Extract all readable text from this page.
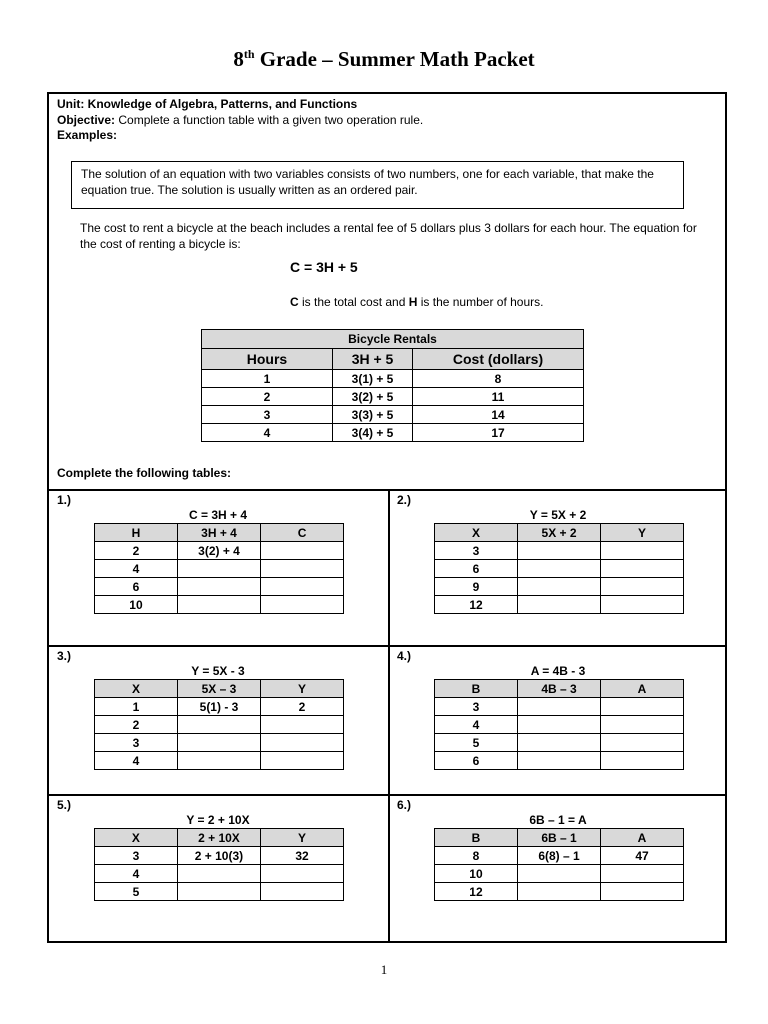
8th Grade – Summer Math Packet
Unit: Knowledge of Algebra, Patterns, and Functions
Objective: Complete a function table with a given two operation rule.
Examples:
The solution of an equation with two variables consists of two numbers, one for each variable, that make the equation true. The solution is usually written as an ordered pair.
The cost to rent a bicycle at the beach includes a rental fee of 5 dollars plus 3 dollars for each hour. The equation for the cost of renting a bicycle is:
C = 3H + 5
C is the total cost and H is the number of hours.
Bicycle Rentals		
Hours	3H + 5	Cost (dollars)
1	3(1) + 5	8
2	3(2) + 5	11
3	3(3) + 5	14
4	3(4) + 5	17
Complete the following tables:
1.)
C = 3H + 4
H	3H + 4	C
2	3(2) + 4	
4		
6		
10		
2.)
Y = 5X + 2
X	5X + 2	Y
3		
6		
9		
12		
3.)
Y = 5X - 3
X	5X – 3	Y
1	5(1) - 3	2
2		
3		
4		
4.)
A = 4B - 3
B	4B – 3	A
3		
4		
5		
6		
5.)
Y = 2 + 10X
X	2 + 10X	Y
3	2 + 10(3)	32
4		
5		
6.)
6B – 1 = A
B	6B – 1	A
8	6(8) – 1	47
10		
12		
1
